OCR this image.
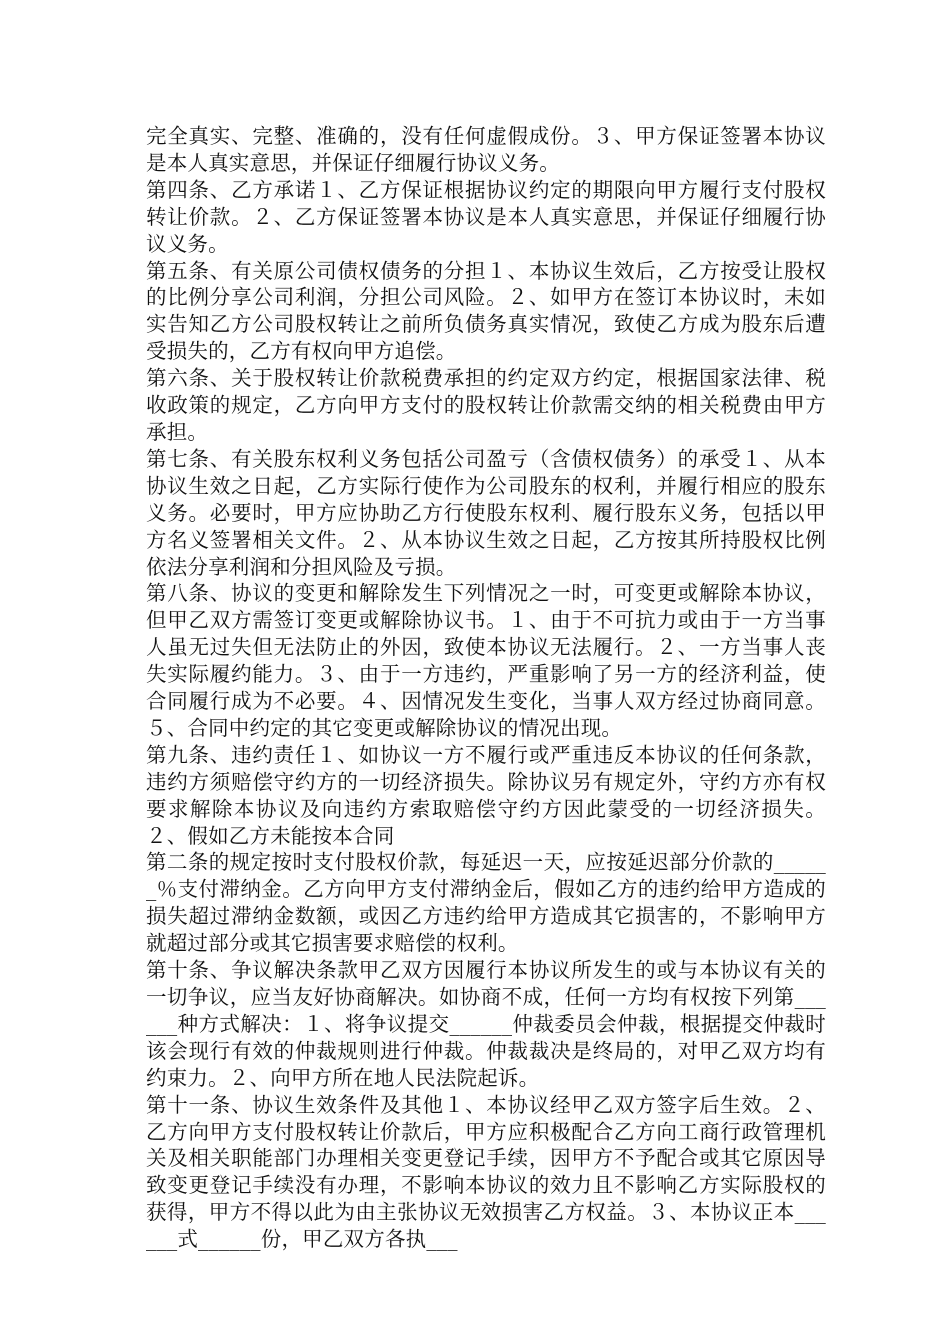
完全真实、完整、准确的，没有任何虚假成份。３、甲方保证签署本协议是本人真实意思，并保证仔细履行协议义务。

第四条、乙方承诺１、乙方保证根据协议约定的期限向甲方履行支付股权转让价款。２、乙方保证签署本协议是本人真实意思，并保证仔细履行协议义务。

第五条、有关原公司债权债务的分担１、本协议生效后，乙方按受让股权的比例分享公司利润，分担公司风险。２、如甲方在签订本协议时，未如实告知乙方公司股权转让之前所负债务真实情况，致使乙方成为股东后遭受损失的，乙方有权向甲方追偿。

第六条、关于股权转让价款税费承担的约定双方约定，根据国家法律、税收政策的规定，乙方向甲方支付的股权转让价款需交纳的相关税费由甲方承担。

第七条、有关股东权利义务包括公司盈亏（含债权债务）的承受１、从本协议生效之日起，乙方实际行使作为公司股东的权利，并履行相应的股东义务。必要时，甲方应协助乙方行使股东权利、履行股东义务，包括以甲方名义签署相关文件。２、从本协议生效之日起，乙方按其所持股权比例依法分享利润和分担风险及亏损。

第八条、协议的变更和解除发生下列情况之一时，可变更或解除本协议，但甲乙双方需签订变更或解除协议书。１、由于不可抗力或由于一方当事人虽无过失但无法防止的外因，致使本协议无法履行。２、一方当事人丧失实际履约能力。３、由于一方违约，严重影响了另一方的经济利益，使合同履行成为不必要。４、因情况发生变化，当事人双方经过协商同意。５、合同中约定的其它变更或解除协议的情况出现。

第九条、违约责任１、如协议一方不履行或严重违反本协议的任何条款，违约方须赔偿守约方的一切经济损失。除协议另有规定外，守约方亦有权要求解除本协议及向违约方索取赔偿守约方因此蒙受的一切经济损失。２、假如乙方未能按本合同

第二条的规定按时支付股权价款，每延迟一天，应按延迟部分价款的______％支付滞纳金。乙方向甲方支付滞纳金后，假如乙方的违约给甲方造成的损失超过滞纳金数额，或因乙方违约给甲方造成其它损害的，不影响甲方就超过部分或其它损害要求赔偿的权利。

第十条、争议解决条款甲乙双方因履行本协议所发生的或与本协议有关的一切争议，应当友好协商解决。如协商不成，任何一方均有权按下列第______种方式解决：１、将争议提交______仲裁委员会仲裁，根据提交仲裁时该会现行有效的仲裁规则进行仲裁。仲裁裁决是终局的，对甲乙双方均有约束力。２、向甲方所在地人民法院起诉。

第十一条、协议生效条件及其他１、本协议经甲乙双方签字后生效。２、乙方向甲方支付股权转让价款后，甲方应积极配合乙方向工商行政管理机关及相关职能部门办理相关变更登记手续，因甲方不予配合或其它原因导致变更登记手续没有办理，不影响本协议的效力且不影响乙方实际股权的获得，甲方不得以此为由主张协议无效损害乙方权益。３、本协议正本______式______份，甲乙双方各执___
